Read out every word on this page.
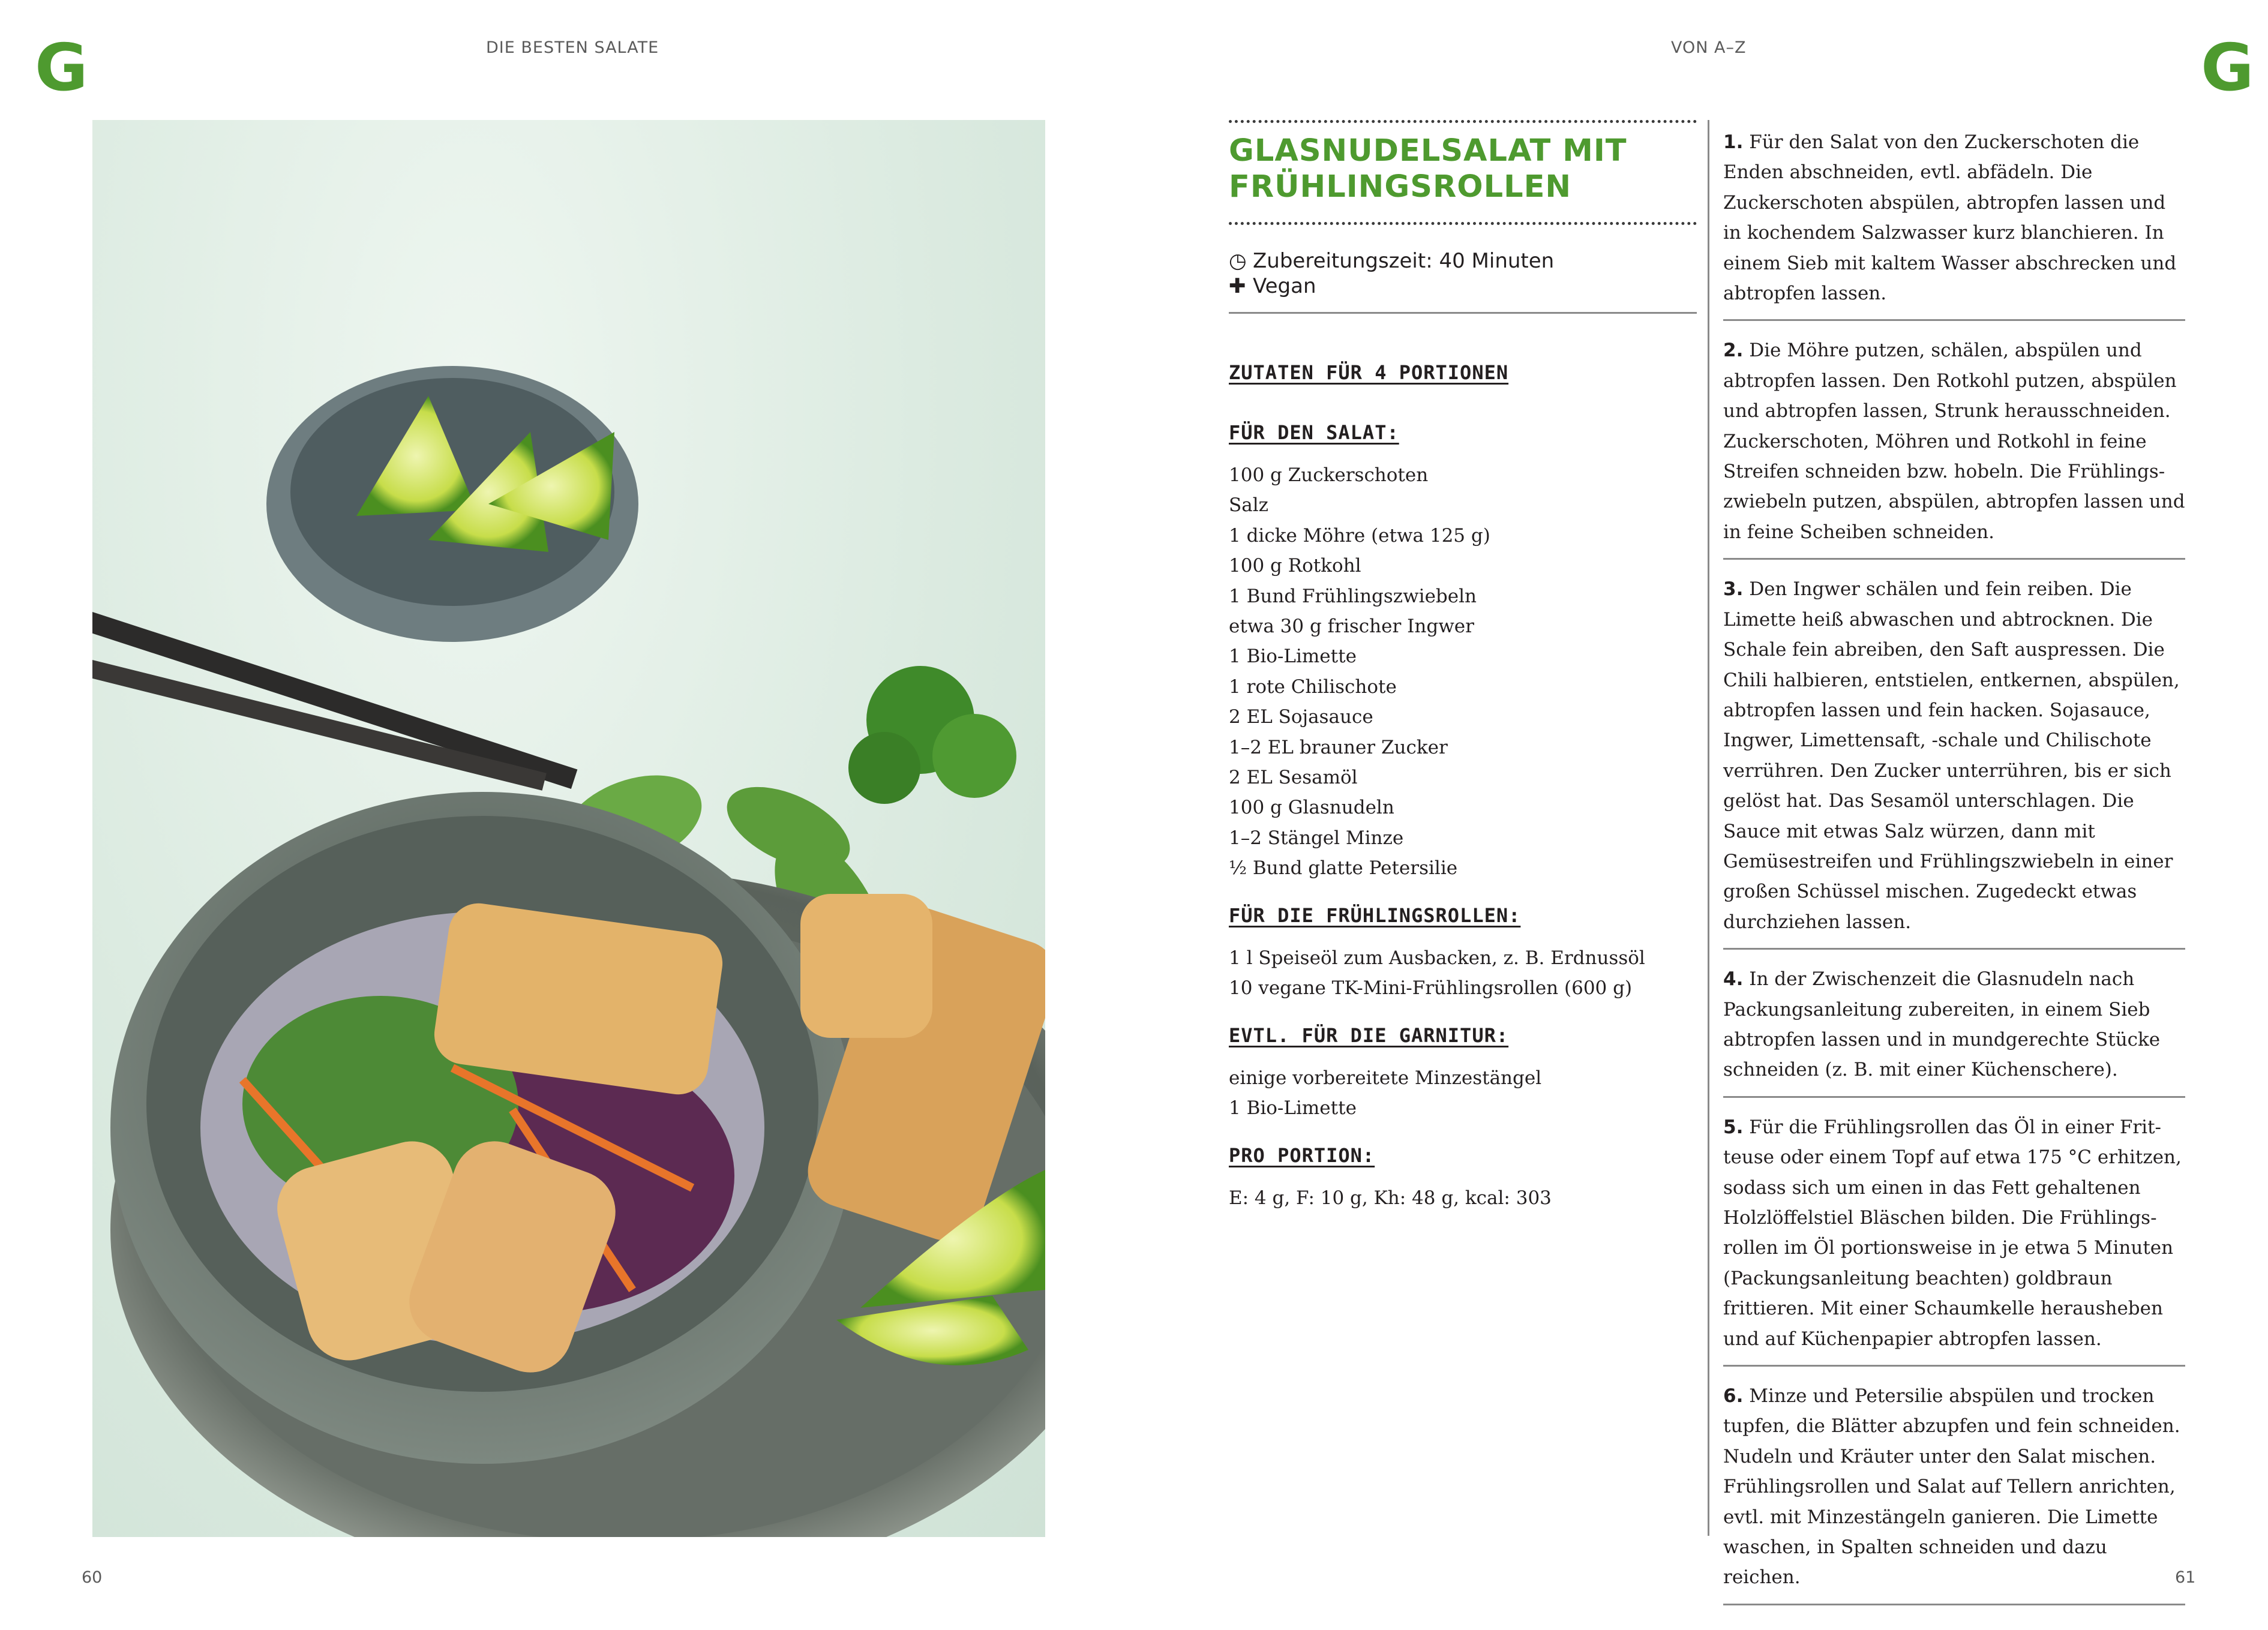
G	DIE BESTEN SALATE	VON A–Z	G
GLASNUDELSALAT MIT FRÜHLINGSROLLEN
◷ Zubereitungszeit: 40 Minuten
✚ Vegan
ZUTATEN FÜR 4 PORTIONEN
FÜR DEN SALAT:
100 g Zuckerschoten
Salz
1 dicke Möhre (etwa 125 g)
100 g Rotkohl
1 Bund Frühlingszwiebeln
etwa 30 g frischer Ingwer
1 Bio-Limette
1 rote Chilischote
2 EL Sojasauce
1–2 EL brauner Zucker
2 EL Sesamöl
100 g Glasnudeln
1–2 Stängel Minze
½ Bund glatte Petersilie
FÜR DIE FRÜHLINGSROLLEN:
1 l Speiseöl zum Ausbacken, z. B. Erdnussöl
10 vegane TK-Mini-Frühlingsrollen (600 g)
EVTL. FÜR DIE GARNITUR:
einige vorbereitete Minzestängel
1 Bio-Limette
PRO PORTION:
E: 4 g, F: 10 g, Kh: 48 g, kcal: 303
1. Für den Salat von den Zuckerschoten die Enden abschneiden, evtl. abfädeln. Die Zuckerschoten abspülen, abtropfen lassen und in kochendem Salzwasser kurz blanchieren. In einem Sieb mit kaltem Wasser abschrecken und abtropfen lassen.
2. Die Möhre putzen, schälen, abspülen und abtropfen lassen. Den Rotkohl putzen, abspülen und abtropfen lassen, Strunk herausschneiden. Zuckerschoten, Möhren und Rotkohl in feine Streifen schneiden bzw. hobeln. Die Frühlings-zwiebeln putzen, abspülen, abtropfen lassen und in feine Scheiben schneiden.
3. Den Ingwer schälen und fein reiben. Die Limette heiß abwaschen und abtrocknen. Die Schale fein abreiben, den Saft auspressen. Die Chili halbieren, entstielen, entkernen, abspülen, abtropfen lassen und fein hacken. Sojasauce, Ingwer, Limettensaft, -schale und Chilischote verrühren. Den Zucker unterrühren, bis er sich gelöst hat. Das Sesamöl unterschlagen. Die Sauce mit etwas Salz würzen, dann mit Gemüsestreifen und Frühlingszwiebeln in einer großen Schüssel mischen. Zugedeckt etwas durchziehen lassen.
4. In der Zwischenzeit die Glasnudeln nach Packungsanleitung zubereiten, in einem Sieb abtropfen lassen und in mundgerechte Stücke schneiden (z. B. mit einer Küchenschere).
5. Für die Frühlingsrollen das Öl in einer Frit-teuse oder einem Topf auf etwa 175 °C erhitzen, sodass sich um einen in das Fett gehaltenen Holzlöffelstiel Bläschen bilden. Die Frühlings-rollen im Öl portionsweise in je etwa 5 Minuten (Packungsanleitung beachten) goldbraun frittieren. Mit einer Schaumkelle herausheben und auf Küchenpapier abtropfen lassen.
6. Minze und Petersilie abspülen und trocken tupfen, die Blätter abzupfen und fein schneiden. Nudeln und Kräuter unter den Salat mischen. Frühlingsrollen und Salat auf Tellern anrichten, evtl. mit Minzestängeln ganieren. Die Limette waschen, in Spalten schneiden und dazu reichen.
60	61
